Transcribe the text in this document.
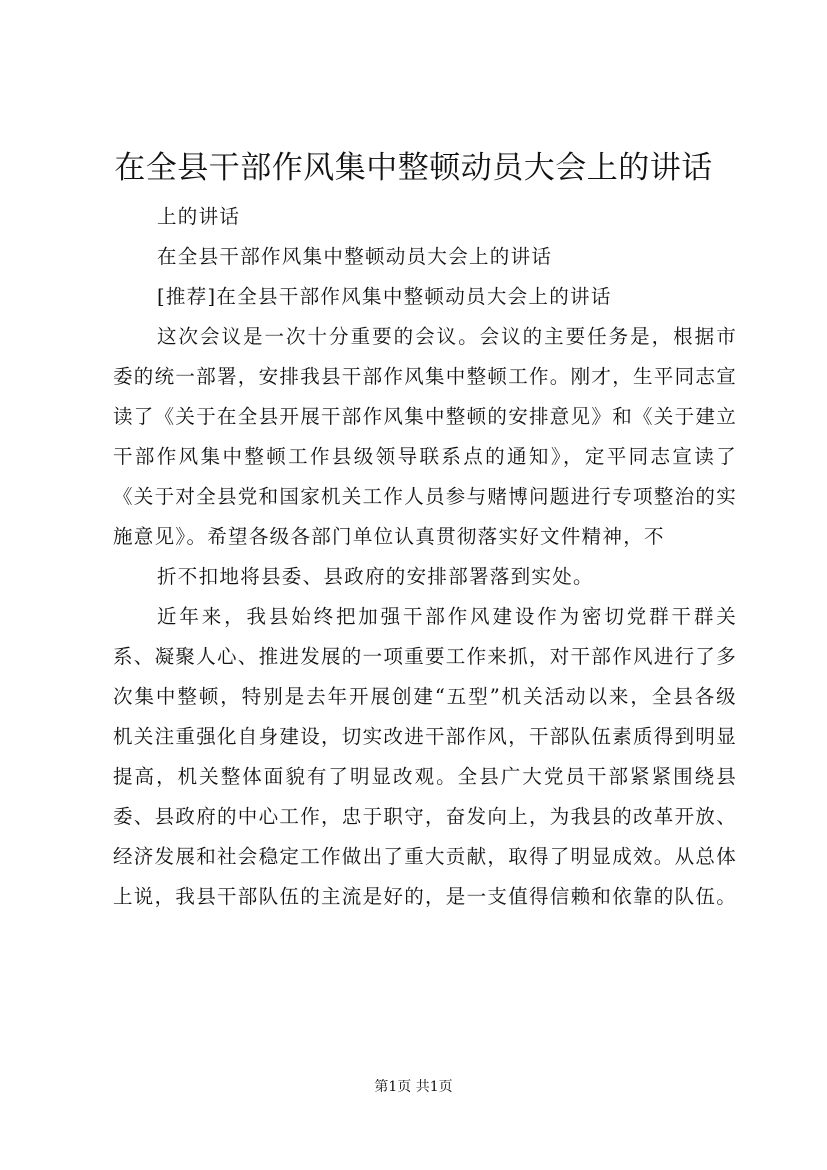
在全县干部作风集中整顿动员大会上的讲话

上的讲话

在全县干部作风集中整顿动员大会上的讲话

[推荐]在全县干部作风集中整顿动员大会上的讲话

这次会议是一次十分重要的会议。会议的主要任务是，根据市委的统一部署，安排我县干部作风集中整顿工作。刚才，生平同志宣读了《关于在全县开展干部作风集中整顿的安排意见》和《关于建立干部作风集中整顿工作县级领导联系点的通知》，定平同志宣读了《关于对全县党和国家机关工作人员参与赌博问题进行专项整治的实施意见》。希望各级各部门单位认真贯彻落实好文件精神，不

折不扣地将县委、县政府的安排部署落到实处。

近年来，我县始终把加强干部作风建设作为密切党群干群关系、凝聚人心、推进发展的一项重要工作来抓，对干部作风进行了多次集中整顿，特别是去年开展创建“五型”机关活动以来，全县各级机关注重强化自身建设，切实改进干部作风，干部队伍素质得到明显提高，机关整体面貌有了明显改观。全县广大党员干部紧紧围绕县委、县政府的中心工作，忠于职守，奋发向上，为我县的改革开放、经济发展和社会稳定工作做出了重大贡献，取得了明显成效。从总体上说，我县干部队伍的主流是好的，是一支值得信赖和依靠的队伍。

第1页 共1页
